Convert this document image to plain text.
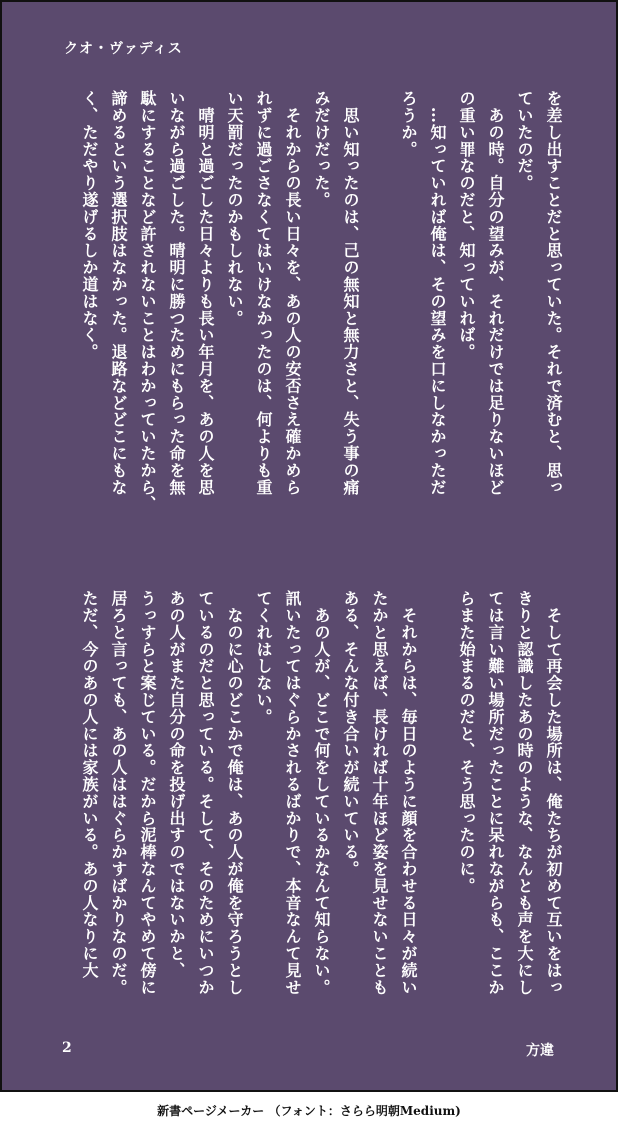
クオ・ヴァディス
を差し出すことだと思っていた。それで済むと、思っ
ていたのだ。
　あの時。自分の望みが、それだけでは足りないほど
の重い罪なのだと、知っていれば。
　…知っていれば俺は、その望みを口にしなかっただ
ろうか。

　思い知ったのは、己の無知と無力さと、失う事の痛
みだけだった。
　それからの長い日々を、あの人の安否さえ確かめら
れずに過ごさなくてはいけなかったのは、何よりも重
い天罰だったのかもしれない。
　晴明と過ごした日々よりも長い年月を、あの人を思
いながら過ごした。晴明に勝つためにもらった命を無
駄にすることなど許されないことはわかっていたから、
諦めるという選択肢はなかった。退路などどこにもな
く、ただやり遂げるしか道はなく。
　そして再会した場所は、俺たちが初めて互いをはっ
きりと認識したあの時のような、なんとも声を大にし
ては言い難い場所だったことに呆れながらも、ここか
らまた始まるのだと、そう思ったのに。

　それからは、毎日のように顔を合わせる日々が続い
たかと思えば、長ければ十年ほど姿を見せないことも
ある、そんな付き合いが続いている。
　あの人が、どこで何をしているかなんて知らない。
訊いたってはぐらかされるばかりで、本音なんて見せ
てくれはしない。
　なのに心のどこかで俺は、あの人が俺を守ろうとし
ているのだと思っている。そして、そのためにいつか
あの人がまた自分の命を投げ出すのではないかと、
うっすらと案じている。だから泥棒なんてやめて傍に
居ろと言っても、あの人ははぐらかすばかりなのだ。
ただ、今のあの人には家族がいる。あの人なりに大
2	方違
新書ページメーカー （フォント：さらら明朝Medium)
